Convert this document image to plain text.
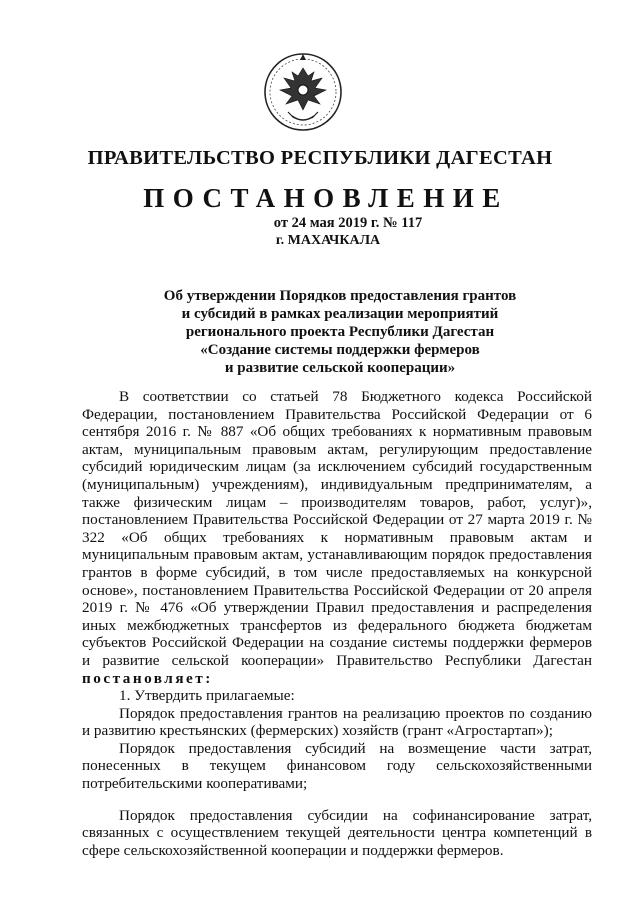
ПРАВИТЕЛЬСТВО РЕСПУБЛИКИ ДАГЕСТАН
ПОСТАНОВЛЕНИЕ
от 24 мая 2019 г. № 117
г. МАХАЧКАЛА
Об утверждении Порядков предоставления грантов
и субсидий в рамках реализации мероприятий
регионального проекта Республики Дагестан
«Создание системы поддержки фермеров
и развитие сельской кооперации»

В соответствии со статьей 78 Бюджетного кодекса Российской Федерации, постановлением Правительства Российской Федерации от 6 сентября 2016 г. № 887 «Об общих требованиях к нормативным правовым актам, муниципальным правовым актам, регулирующим предоставление субсидий юридическим лицам (за исключением субсидий государственным (муниципальным) учреждениям), индивидуальным предпринимателям, а также физическим лицам – производителям товаров, работ, услуг)», постановлением Правительства Российской Федерации от 27 марта 2019 г. № 322 «Об общих требованиях к нормативным правовым актам и муниципальным правовым актам, устанавливающим порядок предоставления грантов в форме субсидий, в том числе предоставляемых на конкурсной основе», постановлением Правительства Российской Федерации от 20 апреля 2019 г. № 476 «Об утверждении Правил предоставления и распределения иных межбюджетных трансфертов из федерального бюджета бюджетам субъектов Российской Федерации на создание системы поддержки фермеров и развитие сельской кооперации» Правительство Республики Дагестан постановляет:

1. Утвердить прилагаемые:

Порядок предоставления грантов на реализацию проектов по созданию и развитию крестьянских (фермерских) хозяйств (грант «Агростартап»);

Порядок предоставления субсидий на возмещение части затрат, понесенных в текущем финансовом году сельскохозяйственными потребительскими кооперативами;

Порядок предоставления субсидии на софинансирование затрат, связанных с осуществлением текущей деятельности центра компетенций в сфере сельскохозяйственной кооперации и поддержки фермеров.
